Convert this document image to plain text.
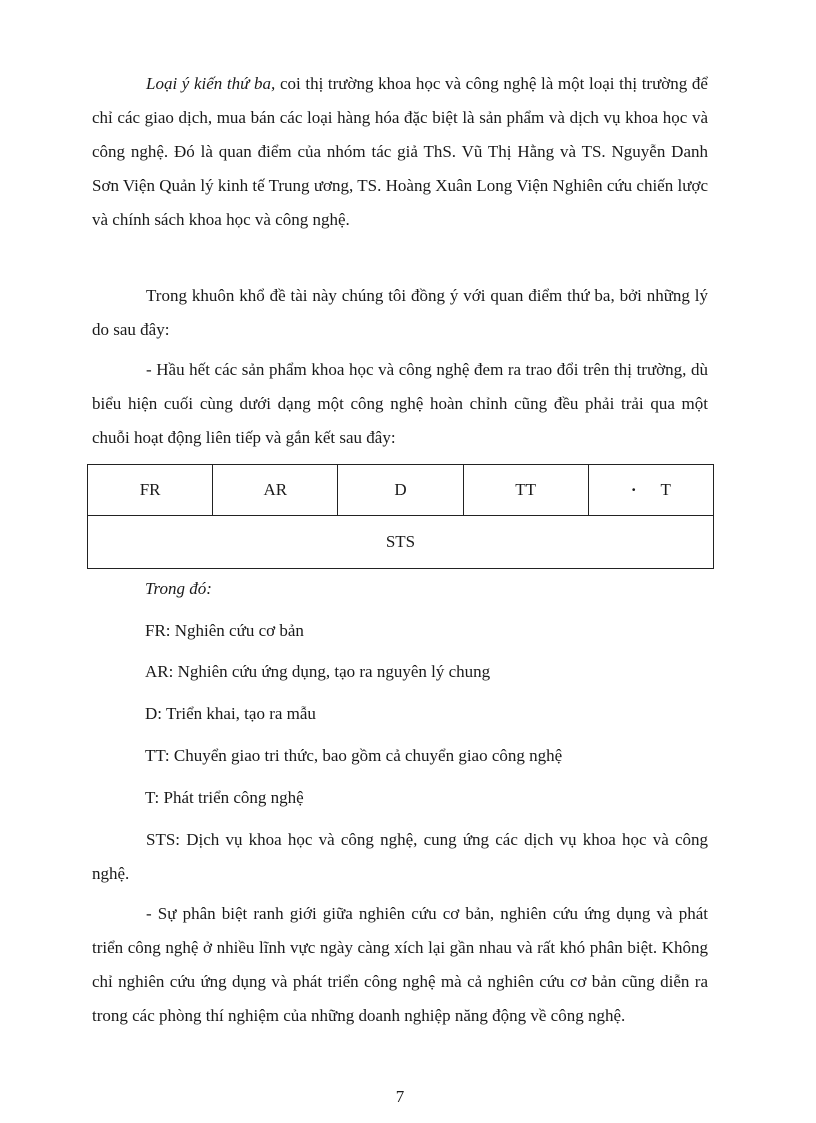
Loại ý kiến thứ ba, coi thị trường khoa học và công nghệ là một loại thị trường để chỉ các giao dịch, mua bán các loại hàng hóa đặc biệt là sản phẩm và dịch vụ khoa học và công nghệ. Đó là quan điểm của nhóm tác giả ThS. Vũ Thị Hằng và TS. Nguyễn Danh Sơn Viện Quản lý kinh tế Trung ương, TS. Hoàng Xuân Long Viện Nghiên cứu chiến lược và chính sách khoa học và công nghệ.

Trong khuôn khổ đề tài này chúng tôi đồng ý với quan điểm thứ ba, bởi những lý do sau đây:

- Hầu hết các sản phẩm khoa học và công nghệ đem ra trao đổi trên thị trường, dù biểu hiện cuối cùng dưới dạng một công nghệ hoàn chỉnh cũng đều phải trải qua một chuỗi hoạt động liên tiếp và gắn kết sau đây:

FR	AR	D	TT	· T
STS
Trong đó:
FR: Nghiên cứu cơ bản
AR: Nghiên cứu ứng dụng, tạo ra nguyên lý chung
D: Triển khai, tạo ra mẫu
TT: Chuyển giao tri thức, bao gồm cả chuyển giao công nghệ
T: Phát triển công nghệ

STS: Dịch vụ khoa học và công nghệ, cung ứng các dịch vụ khoa học và công nghệ.

- Sự phân biệt ranh giới giữa nghiên cứu cơ bản, nghiên cứu ứng dụng và phát triển công nghệ ở nhiều lĩnh vực ngày càng xích lại gần nhau và rất khó phân biệt. Không chỉ nghiên cứu ứng dụng và phát triển công nghệ mà cả nghiên cứu cơ bản cũng diễn ra trong các phòng thí nghiệm của những doanh nghiệp năng động về công nghệ.

7
